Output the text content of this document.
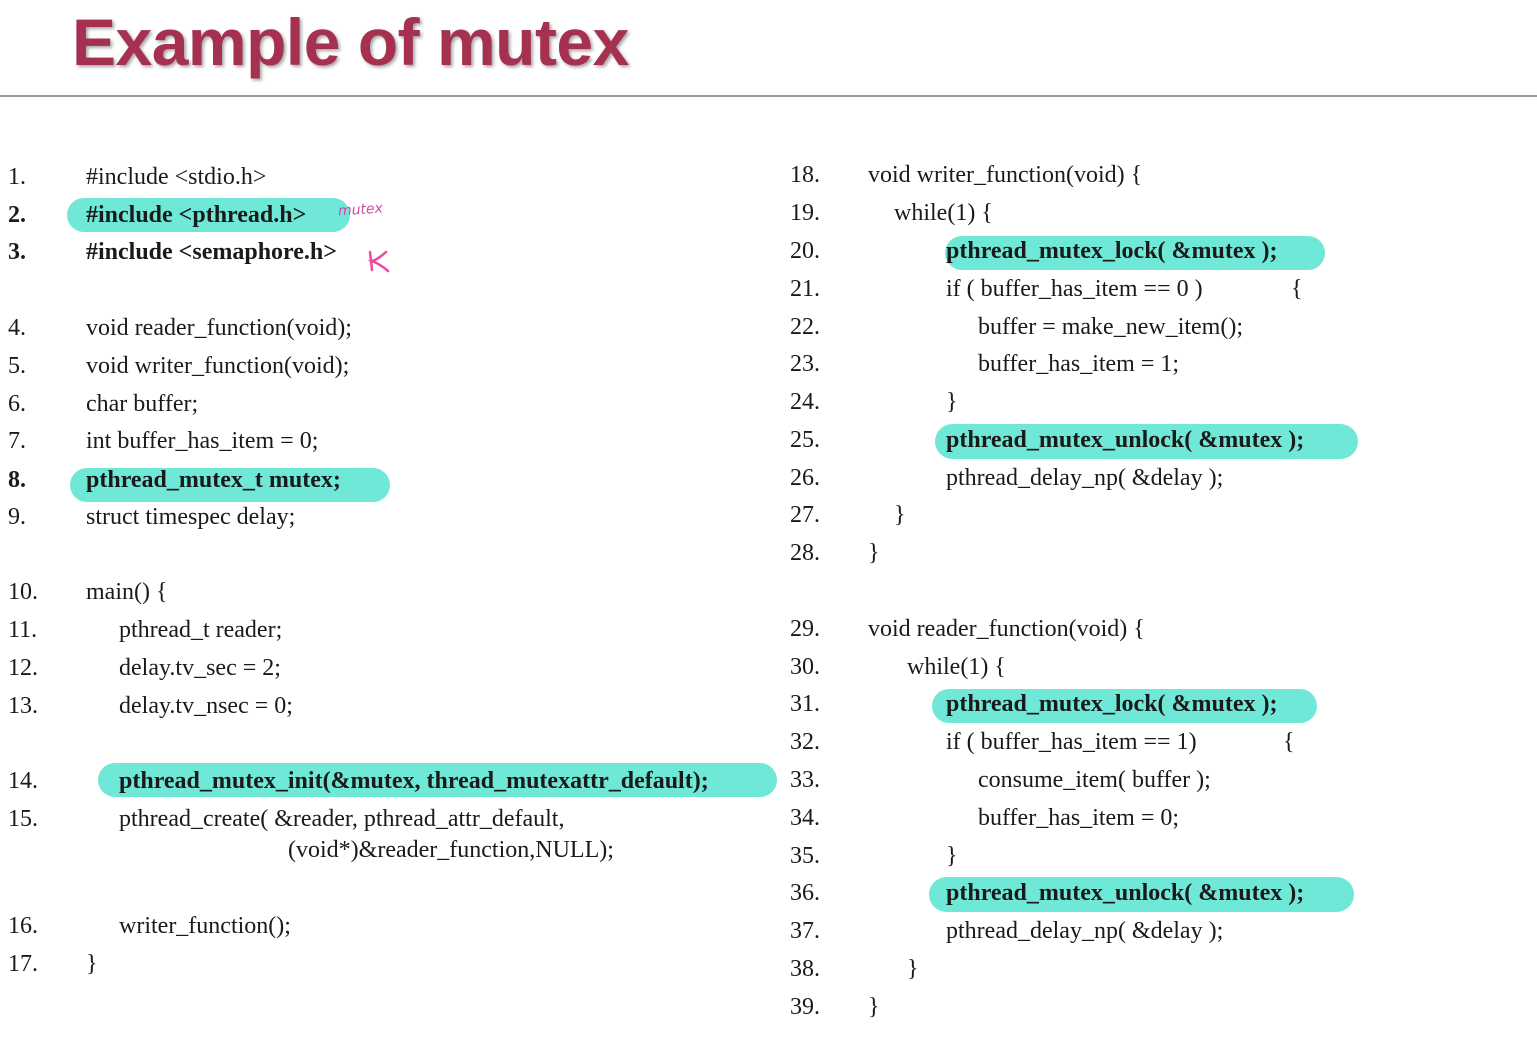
Example of mutex
mutex
1.	#include <stdio.h>
2.	#include <pthread.h>
3.	#include <semaphore.h>
4.	void reader_function(void);
5.	void writer_function(void);
6.	char buffer;
7.	int buffer_has_item = 0;
8.	pthread_mutex_t mutex;
9.	struct timespec delay;
10. main() {
11.	pthread_t reader;
12.	delay.tv_sec = 2;
13.	delay.tv_nsec = 0;
14.	pthread_mutex_init(&mutex, thread_mutexattr_default);
15.	pthread_create( &reader, pthread_attr_default,
(void*)&reader_function,NULL);
16.	writer_function();
17. }
18. void writer_function(void) {
19.	while(1) {
20.	pthread_mutex_lock( &mutex );
21.	if ( buffer_has_item == 0 )	{
22.	buffer = make_new_item();
23.	buffer_has_item = 1;
24.	}
25.	pthread_mutex_unlock( &mutex );
26.	pthread_delay_np( &delay );
27.	}
28. }
29. void reader_function(void) {
30.	while(1) {
31.	pthread_mutex_lock( &mutex );
32.	if ( buffer_has_item == 1)	{
33.	consume_item( buffer );
34.	buffer_has_item = 0;
35.	}
36.	pthread_mutex_unlock( &mutex );
37.	pthread_delay_np( &delay );
38.	}
39. }
